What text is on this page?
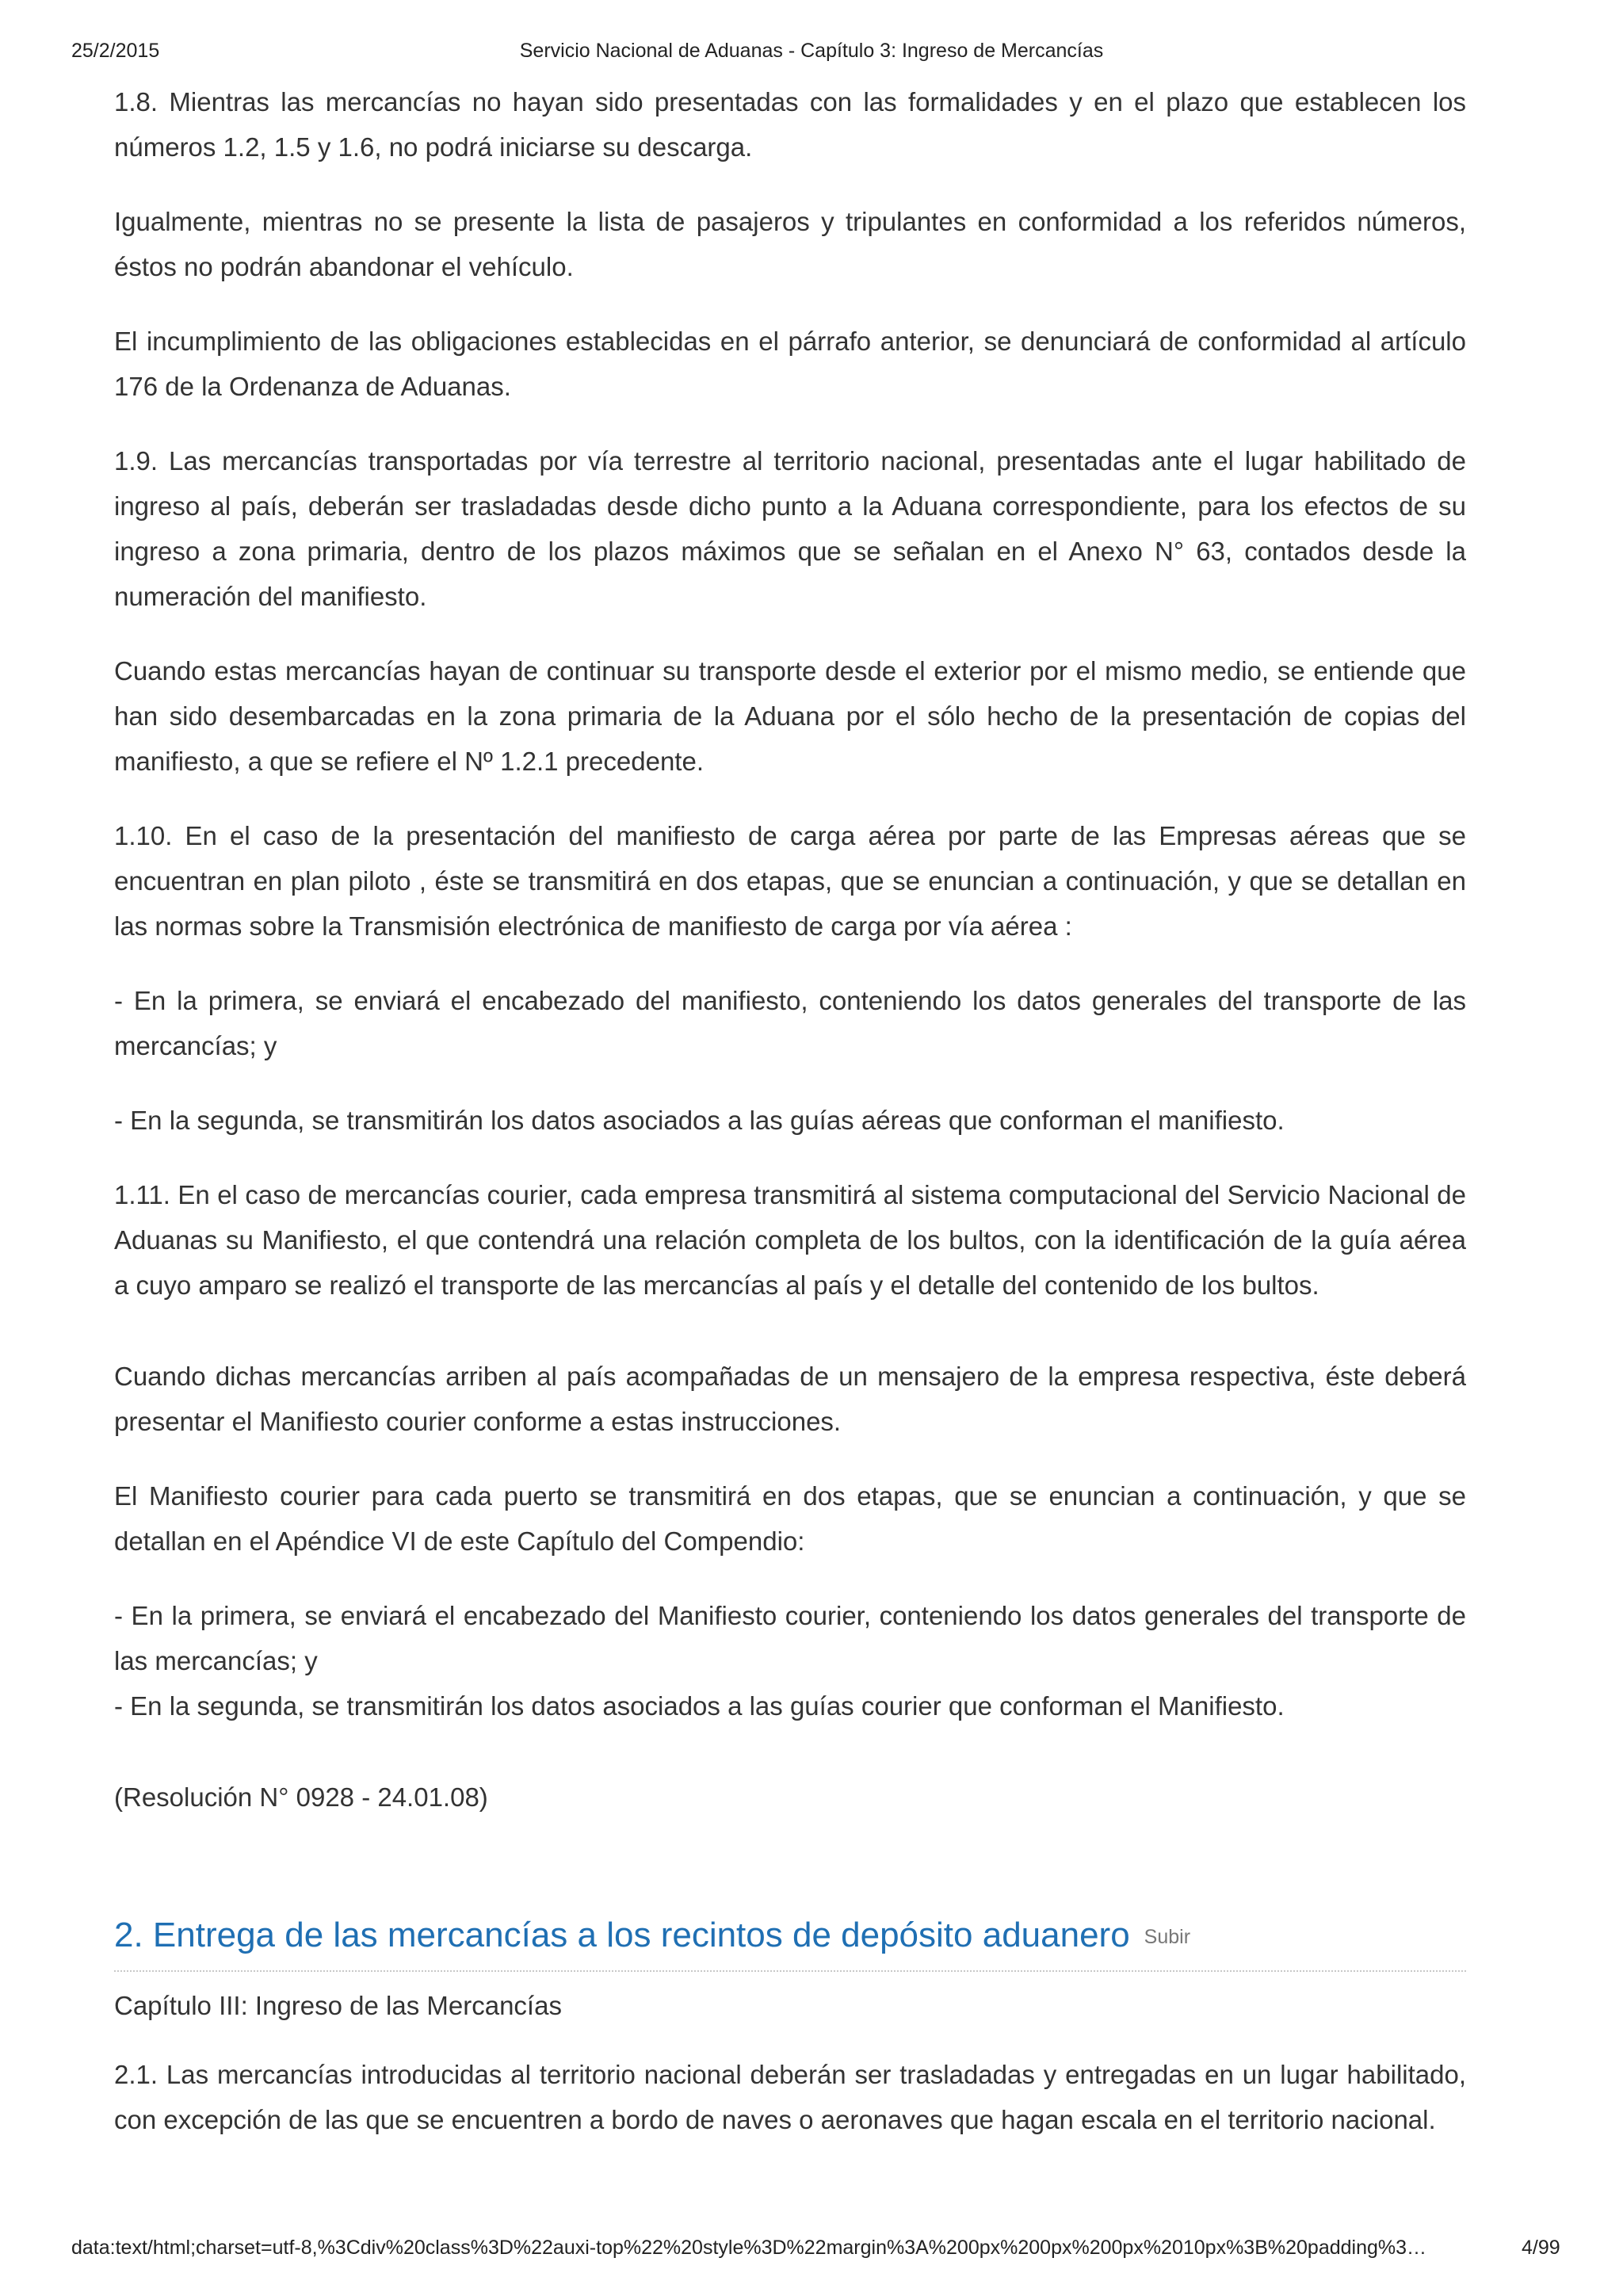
25/2/2015	Servicio Nacional de Aduanas - Capítulo 3: Ingreso de Mercancías

1.8. Mientras las mercancías no hayan sido presentadas con las formalidades y en el plazo que establecen los números 1.2, 1.5 y 1.6, no podrá iniciarse su descarga.

Igualmente, mientras no se presente la lista de pasajeros y tripulantes en conformidad a los referidos números, éstos no podrán abandonar el vehículo.

El incumplimiento de las obligaciones establecidas en el párrafo anterior, se denunciará de conformidad al artículo 176 de la Ordenanza de Aduanas.

1.9. Las mercancías transportadas por vía terrestre al territorio nacional, presentadas ante el lugar habilitado de ingreso al país, deberán ser trasladadas desde dicho punto a la Aduana correspondiente, para los efectos de su ingreso a zona primaria, dentro de los plazos máximos que se señalan en el Anexo N° 63, contados desde la numeración del manifiesto.

Cuando estas mercancías hayan de continuar su transporte desde el exterior por el mismo medio, se entiende que han sido desembarcadas en la zona primaria de la Aduana por el sólo hecho de la presentación de copias del manifiesto, a que se refiere el Nº 1.2.1 precedente.

1.10. En el caso de la presentación del manifiesto de carga aérea por parte de las Empresas aéreas que se encuentran en plan piloto , éste se transmitirá en dos etapas, que se enuncian a continuación, y que se detallan en las normas sobre la Transmisión electrónica de manifiesto de carga por vía aérea :

- En la primera, se enviará el encabezado del manifiesto, conteniendo los datos generales del transporte de las mercancías; y

- En la segunda, se transmitirán los datos asociados a las guías aéreas que conforman el manifiesto.

1.11. En el caso de mercancías courier, cada empresa transmitirá al sistema computacional del Servicio Nacional de Aduanas su Manifiesto, el que contendrá una relación completa de los bultos, con la identificación de la guía aérea a cuyo amparo se realizó el transporte de las mercancías al país y el detalle del contenido de los bultos.

Cuando dichas mercancías arriben al país acompañadas de un mensajero de la empresa respectiva, éste deberá presentar el Manifiesto courier conforme a estas instrucciones.

El Manifiesto courier para cada puerto se transmitirá en dos etapas, que se enuncian a continuación, y que se detallan en el Apéndice VI de este Capítulo del Compendio:

- En la primera, se enviará el encabezado del Manifiesto courier, conteniendo los datos generales del transporte de las mercancías; y

- En la segunda, se transmitirán los datos asociados a las guías courier que conforman el Manifiesto.

(Resolución N° 0928 - 24.01.08)

2. Entrega de las mercancías a los recintos de depósito aduanero Subir
Capítulo III: Ingreso de las Mercancías

2.1. Las mercancías introducidas al territorio nacional deberán ser trasladadas y entregadas en un lugar habilitado, con excepción de las que se encuentren a bordo de naves o aeronaves que hagan escala en el territorio nacional.

data:text/html;charset=utf-8,%3Cdiv%20class%3D%22auxi-top%22%20style%3D%22margin%3A%200px%200px%200px%2010px%3B%20padding%3…	4/99
